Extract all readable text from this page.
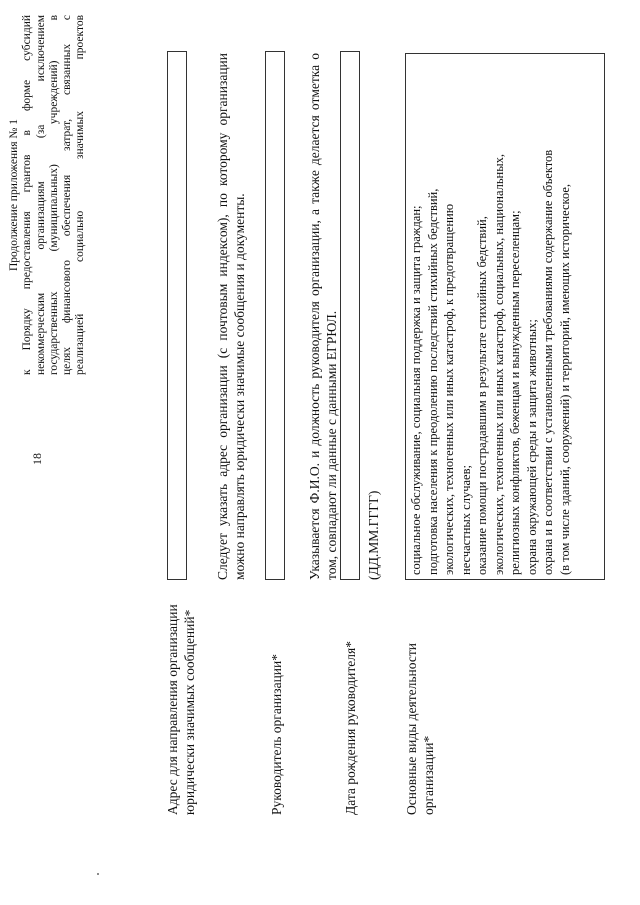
18
Продолжение приложения № 1 к Порядку предоставления грантов в форме субсидий некоммерческим организациям (за исключением государственных (муниципальных) учреждений) в целях финансового обеспечения затрат, связанных с реализацией социально значимых проектов
Адрес для направления организации юридически значимых сообщений*
Следует указать адрес организации (с почтовым индексом), по которому организации можно направлять юридически значимые сообщения и документы.
Руководитель организации*
Указывается Ф.И.О. и должность руководителя организации, а также делается отметка о том, совпадают ли данные с данными ЕГРЮЛ.
Дата рождения руководителя*
(ДД.ММ.ГГГГ)
Основные виды деятельности организации*
социальное обслуживание, социальная поддержка и защита граждан; подготовка населения к преодолению последствий стихийных бедствий, экологических, техногенных или иных катастроф, к предотвращению несчастных случаев; оказание помощи пострадавшим в результате стихийных бедствий, экологических, техногенных или иных катастроф, социальных, национальных, религиозных конфликтов, беженцам и вынужденным переселенцам; охрана окружающей среды и защита животных; охрана и в соответствии с установленными требованиями содержание объектов (в том числе зданий, сооружений) и территорий, имеющих историческое,
